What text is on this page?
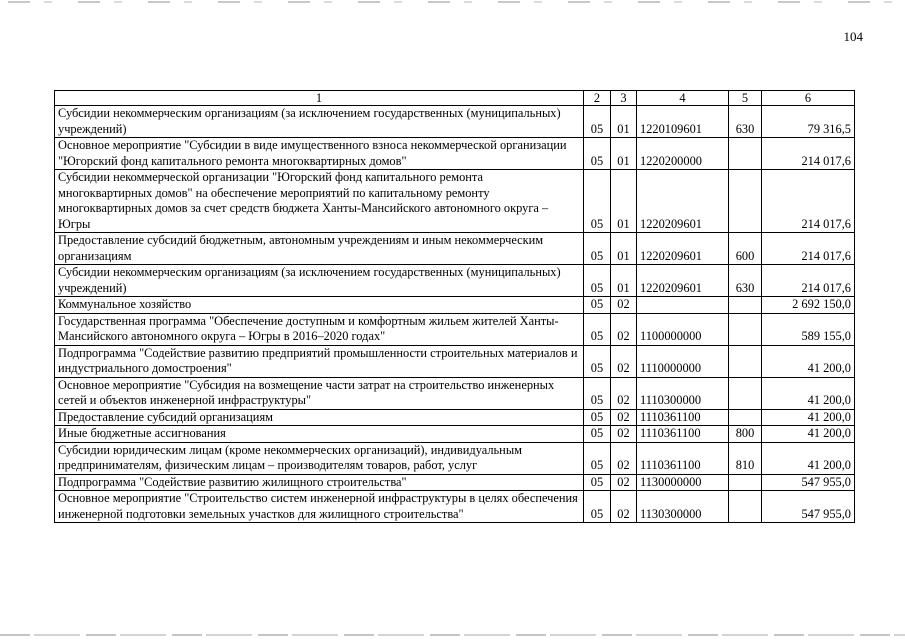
104
1	2	3	4	5	6
Субсидии некоммерческим организациям (за исключением государственных (муниципальных) учреждений)	05	01	1220109601	630	79 316,5
Основное мероприятие "Субсидии в виде имущественного взноса некоммерческой организации "Югорский фонд капитального ремонта многоквартирных домов"	05	01	1220200000		214 017,6
Субсидии некоммерческой организации "Югорский фонд капитального ремонта многоквартирных домов" на обеспечение мероприятий по капитальному ремонту многоквартирных домов за счет средств бюджета Ханты-Мансийского автономного округа – Югры	05	01	1220209601		214 017,6
Предоставление субсидий бюджетным, автономным учреждениям и иным некоммерческим организациям	05	01	1220209601	600	214 017,6
Субсидии некоммерческим организациям (за исключением государственных (муниципальных) учреждений)	05	01	1220209601	630	214 017,6
Коммунальное хозяйство	05	02			2 692 150,0
Государственная программа "Обеспечение доступным и комфортным жильем жителей Ханты-Мансийского автономного округа – Югры в 2016–2020 годах"	05	02	1100000000		589 155,0
Подпрограмма "Содействие развитию предприятий промышленности строительных материалов и индустриального домостроения"	05	02	1110000000		41 200,0
Основное мероприятие "Субсидия на возмещение части затрат на строительство инженерных сетей и объектов инженерной инфраструктуры"	05	02	1110300000		41 200,0
Предоставление субсидий организациям	05	02	1110361100		41 200,0
Иные бюджетные ассигнования	05	02	1110361100	800	41 200,0
Субсидии юридическим лицам (кроме некоммерческих организаций), индивидуальным предпринимателям, физическим лицам – производителям товаров, работ, услуг	05	02	1110361100	810	41 200,0
Подпрограмма "Содействие развитию жилищного строительства"	05	02	1130000000		547 955,0
Основное мероприятие "Строительство систем инженерной инфраструктуры в целях обеспечения инженерной подготовки земельных участков для жилищного строительства"	05	02	1130300000		547 955,0
